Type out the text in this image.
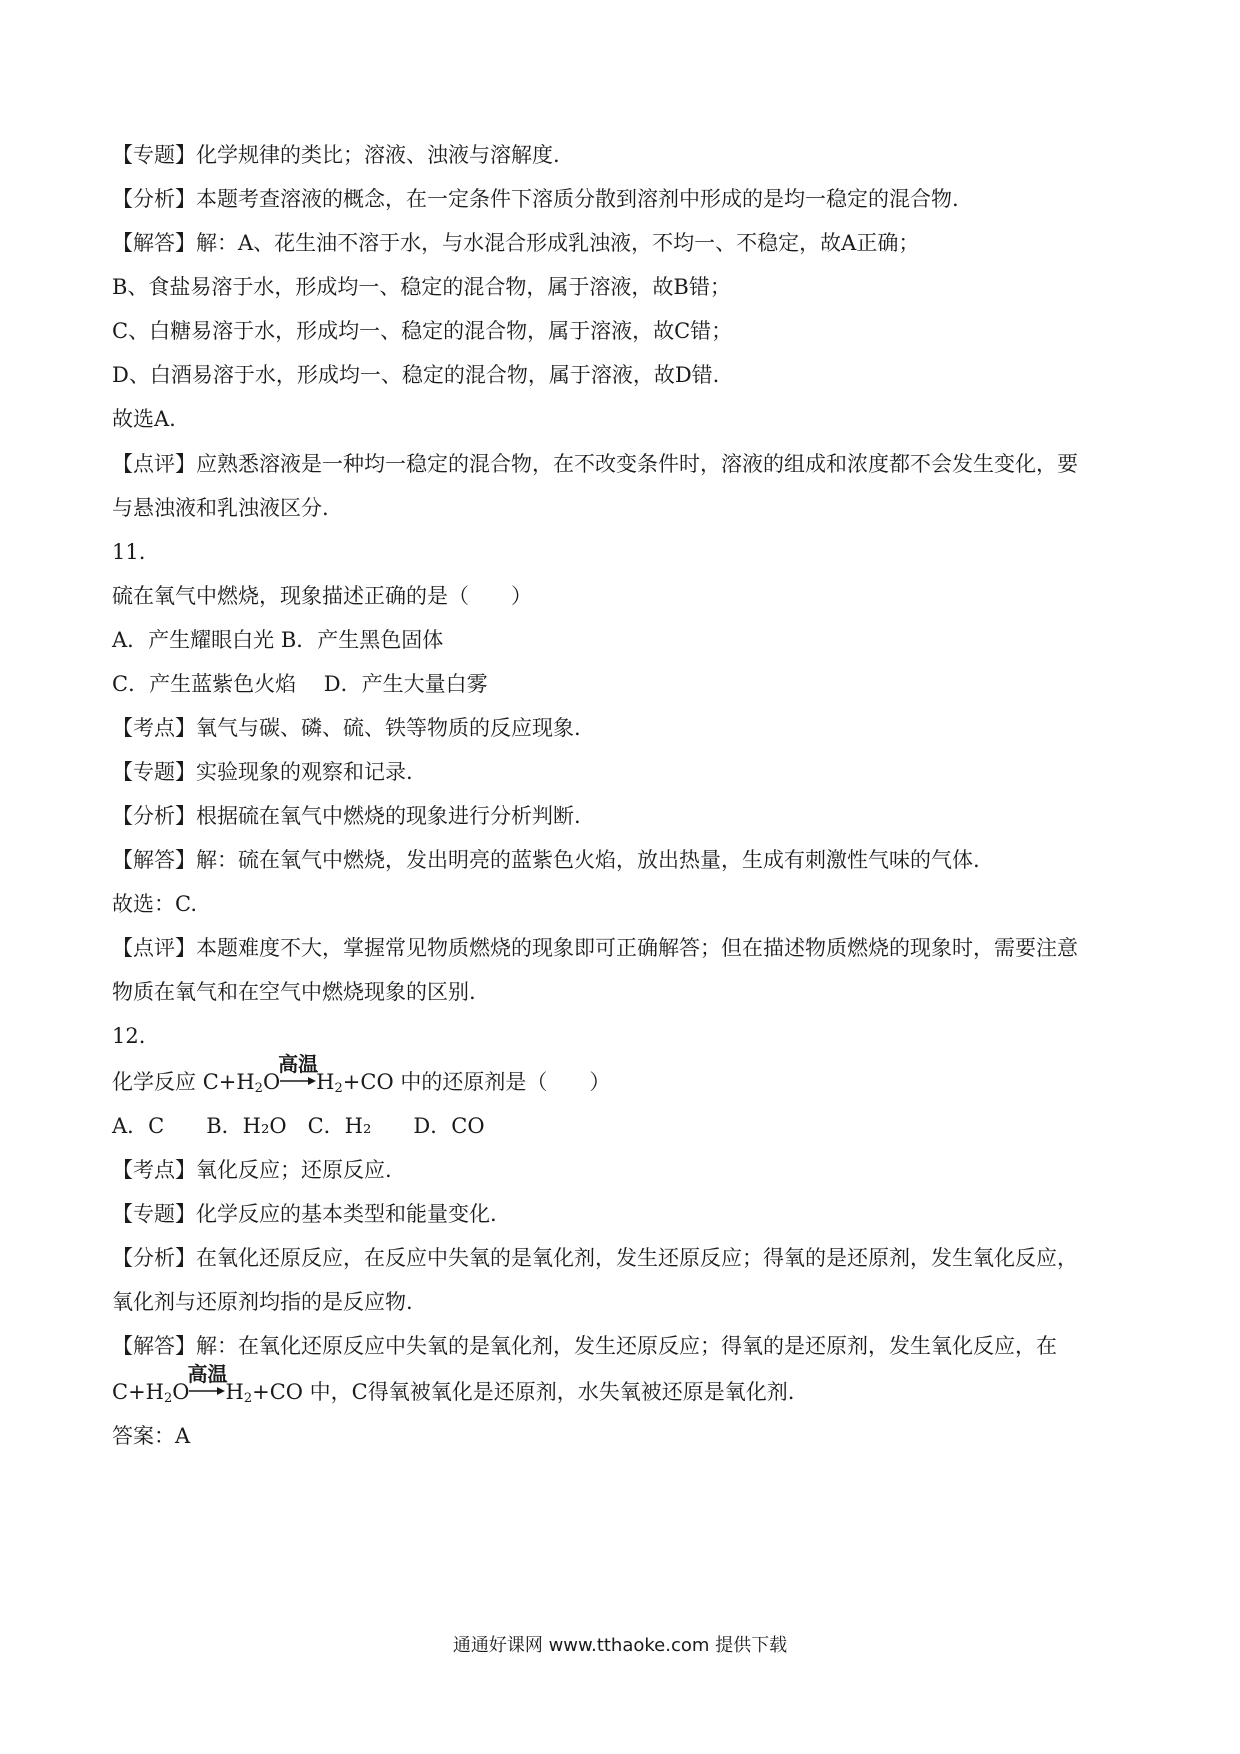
【专题】化学规律的类比；溶液、浊液与溶解度.
【分析】本题考查溶液的概念，在一定条件下溶质分散到溶剂中形成的是均一稳定的混合物.
【解答】解：A、花生油不溶于水，与水混合形成乳浊液，不均一、不稳定，故A正确；
B、食盐易溶于水，形成均一、稳定的混合物，属于溶液，故B错；
C、白糖易溶于水，形成均一、稳定的混合物，属于溶液，故C错；
D、白酒易溶于水，形成均一、稳定的混合物，属于溶液，故D错.
故选A.
【点评】应熟悉溶液是一种均一稳定的混合物，在不改变条件时，溶液的组成和浓度都不会发生变化，要
与悬浊液和乳浊液区分.
11.
硫在氧气中燃烧，现象描述正确的是（　　）
A．产生耀眼白光 B．产生黑色固体
C．产生蓝紫色火焰　 D．产生大量白雾
【考点】氧气与碳、磷、硫、铁等物质的反应现象.
【专题】实验现象的观察和记录.
【分析】根据硫在氧气中燃烧的现象进行分析判断.
【解答】解：硫在氧气中燃烧，发出明亮的蓝紫色火焰，放出热量，生成有刺激性气味的气体.
故选：C.
【点评】本题难度不大，掌握常见物质燃烧的现象即可正确解答；但在描述物质燃烧的现象时，需要注意
物质在氧气和在空气中燃烧现象的区别.
12.
化学反应 $C+H_2O$
高温
$H_2+CO$ 中的还原剂是（　　）
A．C　　B．H₂O　C．H₂　　D．CO
【考点】氧化反应；还原反应.
【专题】化学反应的基本类型和能量变化.
【分析】在氧化还原反应，在反应中失氧的是氧化剂，发生还原反应；得氧的是还原剂，发生氧化反应，
氧化剂与还原剂均指的是反应物.
【解答】解：在氧化还原反应中失氧的是氧化剂，发生还原反应；得氧的是还原剂，发生氧化反应，在
$C+H_2O$
高温
$H_2+CO$ 中，C得氧被氧化是还原剂，水失氧被还原是氧化剂.
答案：A
通通好课网 www.tthaoke.com 提供下载
